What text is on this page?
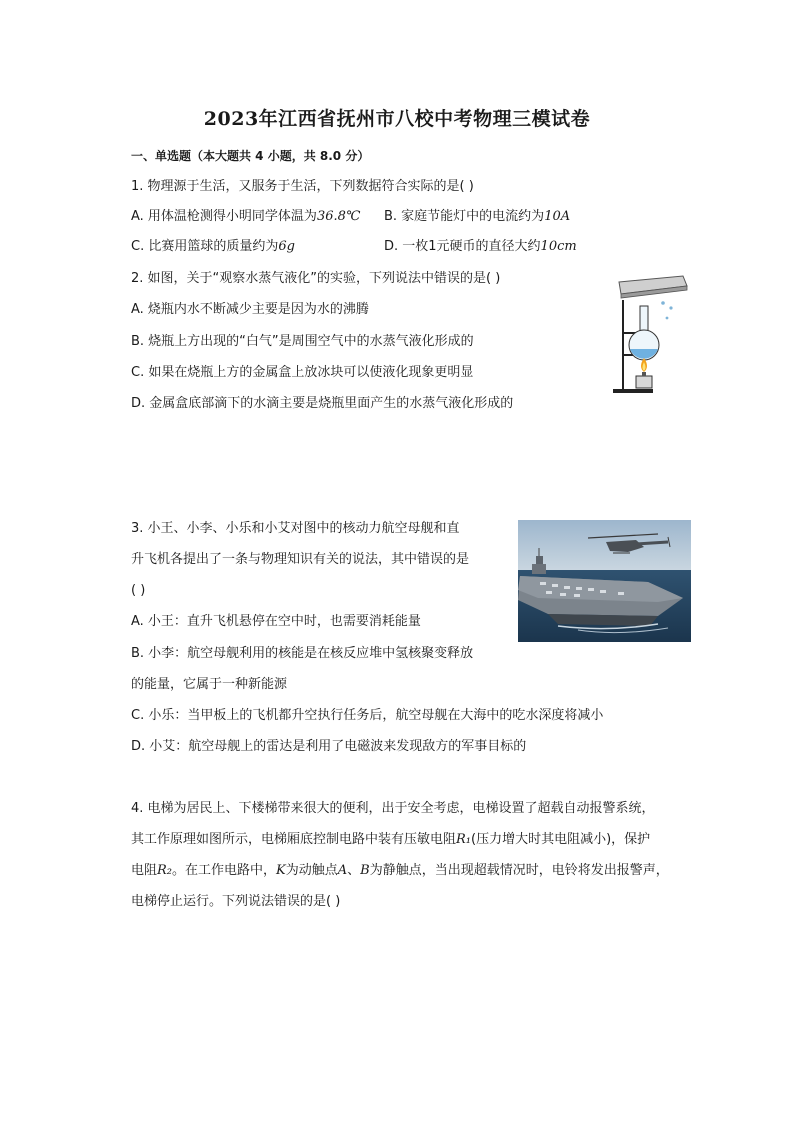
2023年江西省抚州市八校中考物理三模试卷
一、单选题（本大题共 4 小题，共 8.0 分）
1. 物理源于生活，又服务于生活，下列数据符合实际的是( )
A. 用体温枪测得小明同学体温为36.8℃ B. 家庭节能灯中的电流约为10A
C. 比赛用篮球的质量约为6g	D. 一枚1元硬币的直径大约10cm
2. 如图，关于“观察水蒸气液化”的实验，下列说法中错误的是( )
A. 烧瓶内水不断减少主要是因为水的沸腾
B. 烧瓶上方出现的“白气”是周围空气中的水蒸气液化形成的
C. 如果在烧瓶上方的金属盒上放冰块可以使液化现象更明显
D. 金属盒底部滴下的水滴主要是烧瓶里面产生的水蒸气液化形成的
3. 小王、小李、小乐和小艾对图中的核动力航空母舰和直
升飞机各提出了一条与物理知识有关的说法，其中错误的是
( )
A. 小王：直升飞机悬停在空中时，也需要消耗能量
B. 小李：航空母舰利用的核能是在核反应堆中氢核聚变释放
的能量，它属于一种新能源
C. 小乐：当甲板上的飞机都升空执行任务后，航空母舰在大海中的吃水深度将减小
D. 小艾：航空母舰上的雷达是利用了电磁波来发现敌方的军事目标的
4. 电梯为居民上、下楼梯带来很大的便利，出于安全考虑，电梯设置了超载自动报警系统，
其工作原理如图所示，电梯厢底控制电路中装有压敏电阻R₁(压力增大时其电阻减小)，保护
电阻R₂。在工作电路中，K为动触点A、B为静触点，当出现超载情况时，电铃将发出报警声，
电梯停止运行。下列说法错误的是( )
